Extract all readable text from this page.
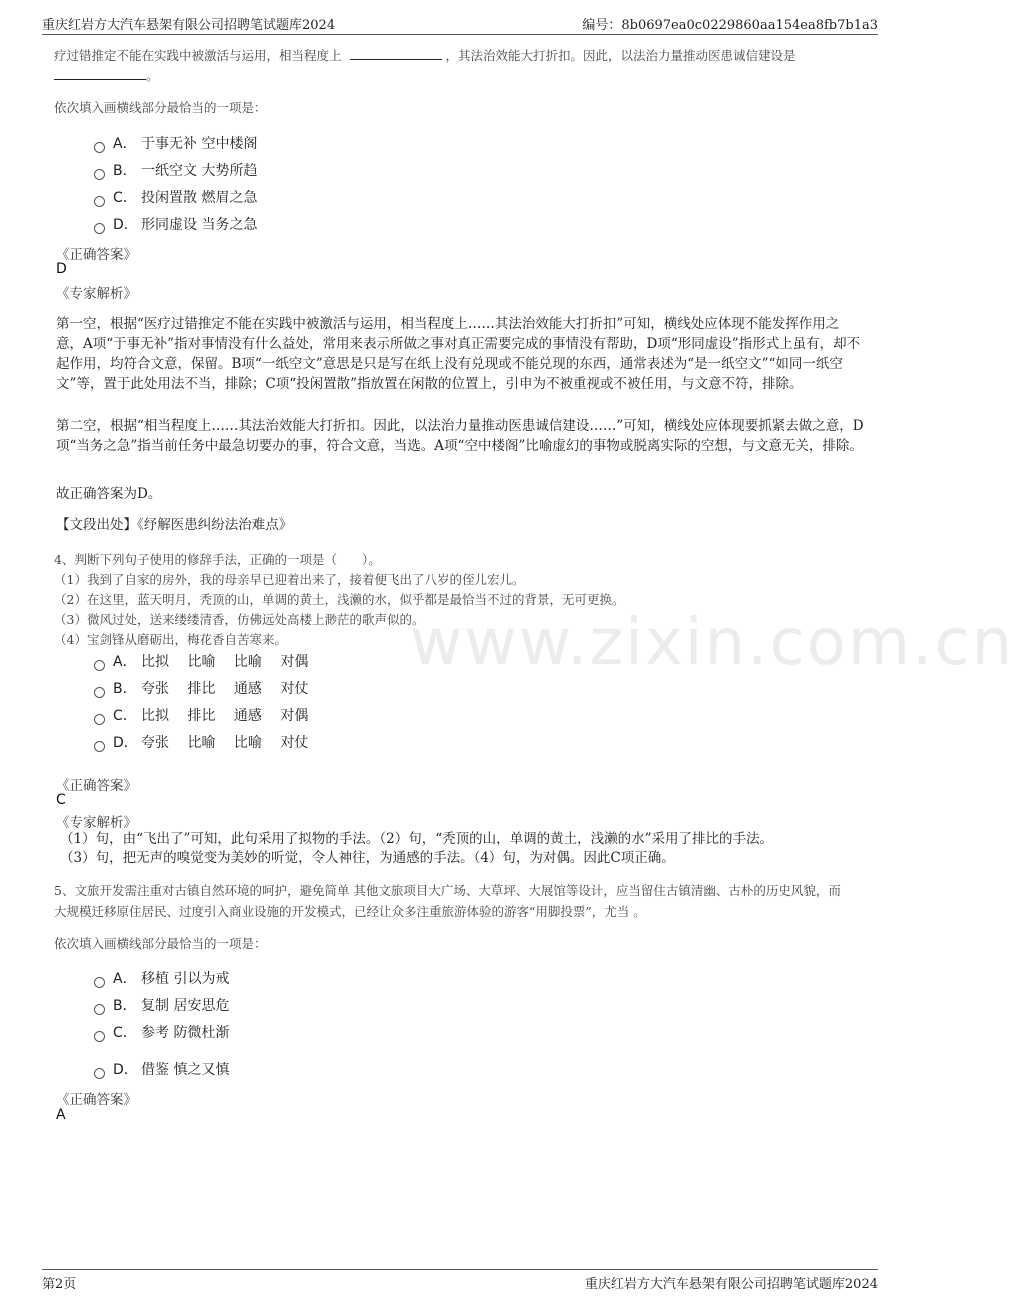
www.zixin.com.cn
重庆红岩方大汽车悬架有限公司招聘笔试题库2024	编号：8b0697ea0c0229860aa154ea8fb7b1a3
疗过错推定不能在实践中被激活与运用，相当程度上	，其法治效能大打折扣。因此，以法治力量推动医患诚信建设是
。
依次填入画横线部分最恰当的一项是：
A． 于事无补 空中楼阁
B． 一纸空文 大势所趋
C． 投闲置散 燃眉之急
D． 形同虚设 当务之急
《正确答案》
D
《专家解析》

第一空，根据“医疗过错推定不能在实践中被激活与运用，相当程度上……其法治效能大打折扣”可知，横线处应体现不能发挥作用之意，A项“于事无补”指对事情没有什么益处，常用来表示所做之事对真正需要完成的事情没有帮助，D项“形同虚设”指形式上虽有，却不起作用，均符合文意，保留。B项“一纸空文”意思是只是写在纸上没有兑现或不能兑现的东西，通常表述为“是一纸空文”“如同一纸空文”等，置于此处用法不当，排除；C项“投闲置散”指放置在闲散的位置上，引申为不被重视或不被任用，与文意不符，排除。

第二空，根据“相当程度上……其法治效能大打折扣。因此，以法治力量推动医患诚信建设……”可知，横线处应体现要抓紧去做之意，D项“当务之急”指当前任务中最急切要办的事，符合文意，当选。A项“空中楼阁”比喻虚幻的事物或脱离实际的空想，与文意无关，排除。

故正确答案为D。

【文段出处】《纾解医患纠纷法治难点》

4、判断下列句子使用的修辞手法，正确的一项是（　　）。
（1）我到了自家的房外，我的母亲早已迎着出来了，接着便飞出了八岁的侄儿宏儿。
（2）在这里，蓝天明月，秃顶的山，单调的黄土，浅濑的水，似乎都是最恰当不过的背景，无可更换。
（3）微风过处，送来缕缕清香，仿佛远处高楼上渺茫的歌声似的。
（4）宝剑锋从磨砺出，梅花香自苦寒来。
A． 比拟　 比喻　 比喻　 对偶
B． 夸张　 排比　 通感　 对仗
C． 比拟　 排比　 通感　 对偶
D． 夸张　 比喻　 比喻　 对仗
《正确答案》
C
《专家解析》
（1）句，由“飞出了”可知，此句采用了拟物的手法。（2）句，“秃顶的山，单调的黄土，浅濑的水”采用了排比的手法。
（3）句，把无声的嗅觉变为美妙的听觉，令人神往，为通感的手法。（4）句，为对偶。因此C项正确。
5、文旅开发需注重对古镇自然环境的呵护，避免简单 其他文旅项目大广场、大草坪、大展馆等设计，应当留住古镇清幽、古朴的历史风貌，而
大规模迁移原住居民、过度引入商业设施的开发模式，已经让众多注重旅游体验的游客“用脚投票”，尤当 。
依次填入画横线部分最恰当的一项是：
A． 移植 引以为戒
B． 复制 居安思危
C． 参考 防微杜渐
D． 借鉴 慎之又慎
《正确答案》
A
第2页	重庆红岩方大汽车悬架有限公司招聘笔试题库2024
